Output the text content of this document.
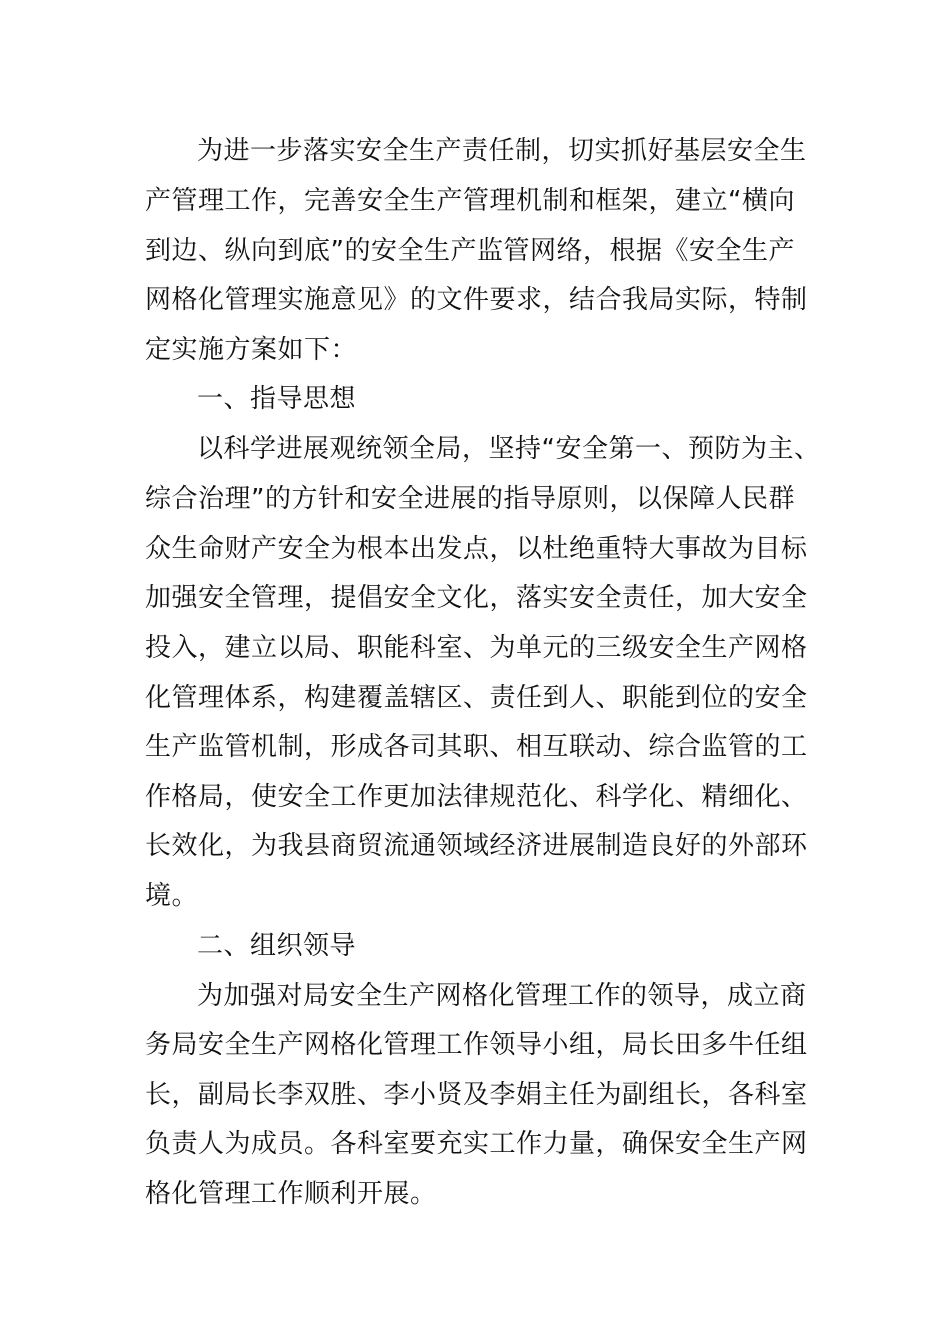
为进一步落实安全生产责任制，切实抓好基层安全生
产管理工作，完善安全生产管理机制和框架，建立“横向
到边、纵向到底”的安全生产监管网络，根据《安全生产
网格化管理实施意见》的文件要求，结合我局实际，特制
定实施方案如下：
一、指导思想
以科学进展观统领全局，坚持“安全第一、预防为主、
综合治理”的方针和安全进展的指导原则，以保障人民群
众生命财产安全为根本出发点，以杜绝重特大事故为目标
加强安全管理，提倡安全文化，落实安全责任，加大安全
投入，建立以局、职能科室、为单元的三级安全生产网格
化管理体系，构建覆盖辖区、责任到人、职能到位的安全
生产监管机制，形成各司其职、相互联动、综合监管的工
作格局，使安全工作更加法律规范化、科学化、精细化、
长效化，为我县商贸流通领域经济进展制造良好的外部环
境。
二、组织领导
为加强对局安全生产网格化管理工作的领导，成立商
务局安全生产网格化管理工作领导小组，局长田多牛任组
长，副局长李双胜、李小贤及李娟主任为副组长，各科室
负责人为成员。各科室要充实工作力量，确保安全生产网
格化管理工作顺利开展。
